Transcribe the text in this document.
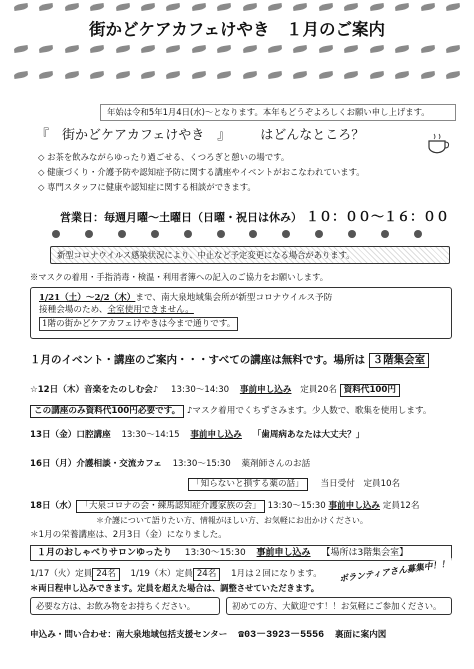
街かどケアカフェけやき　１月のご案内
年始は令和5年1月4日(水)〜となります。本年もどうぞよろしくお願い申し上げます。
『　街かどケアカフェけやき　』 はどんなところ？
◇ お茶を飲みながらゆったり過ごせる、くつろぎと憩いの場です。
◇ 健康づくり・介護予防や認知症予防に関する講座やイベントがおこなわれています。
◇ 専門スタッフに健康や認知症に関する相談ができます。
営業日：毎週月曜〜土曜日（日曜・祝日は休み） １０：００〜１６：００
新型コロナウイルス感染状況により、中止など予定変更になる場合があります。
※マスクの着用・手指消毒・検温・利用者簿への記入のご協力をお願いします。
1/21（土）〜2/2（木）まで、南大泉地域集会所が新型コロナウイルス予防
接種会場のため、全室使用できません。
1階の街かどケアカフェけやきは今まで通りです。
１月のイベント・講座のご案内・・・すべての講座は無料です。場所は ３階集会室
☆12日（木）音楽をたのしむ会♪ 13:30〜14:30 事前申し込み 定員20名 資料代100円
この講座のみ資料代100円必要です。 ♪マスク着用でくちずさみます。少人数で、歌集を使用します。
13日（金）口腔講座 13:30〜14:15 事前申し込み 「歯周病あなたは大丈夫？」
16日（月）介護相談・交流カフェ 13:30〜15:30 薬剤師さんのお話
「知らないと損する薬の話」 当日受付　定員10名
18日（水） 「大泉コロナの会・練馬認知症介護家族の会」 13:30〜15:30 事前申し込み 定員12名
＊介護について語りたい方、情報がほしい方、お気軽にお出かけください。
＊1月の栄養講座は、2月3日（金）になりました。
１月のおしゃべりサロンゆったり 13:30〜15:30 事前申し込み 【場所は3階集会室】
1/17（火）定員 24名 1/19（木）定員 24名 1月は２回になります。	ボランティアさん募集中！！
＊両日程申し込みできます。定員を超えた場合は、調整させていただきます。
必要な方は、お飲み物をお持ちください。	初めての方、大歓迎です！！お気軽にご参加ください。
申込み・問い合わせ：南大泉地域包括支援センター ☎03－3923－5556 裏面に案内図
